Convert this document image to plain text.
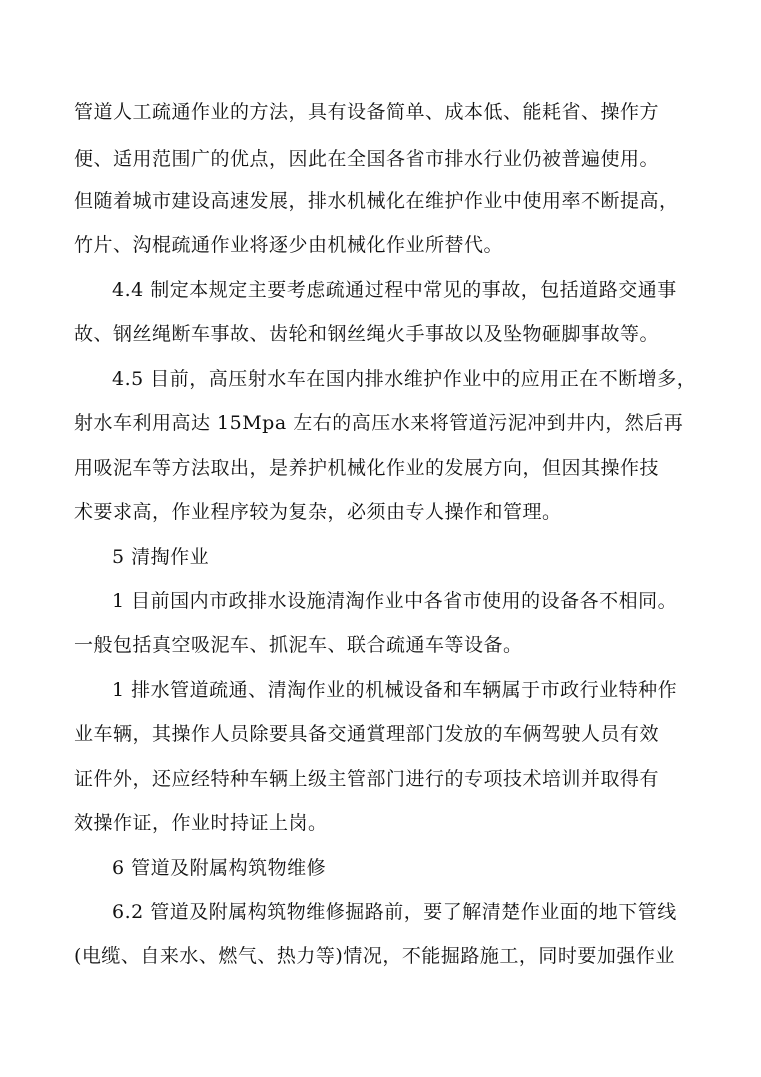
管道人工疏通作业的方法，具有设备简单、成本低、能耗省、操作方
便、适用范围广的优点，因此在全国各省市排水行业仍被普遍使用。
但随着城市建设高速发展，排水机械化在维护作业中使用率不断提高，
竹片、沟棍疏通作业将逐少由机械化作业所替代。
4.4 制定本规定主要考虑疏通过程中常见的事故，包括道路交通事
故、钢丝绳断车事故、齿轮和钢丝绳火手事故以及坠物砸脚事故等。
4.5 目前，高压射水车在国内排水维护作业中的应用正在不断增多，
射水车利用高达 15Mpa 左右的高压水来将管道污泥冲到井内，然后再
用吸泥车等方法取出，是养护机械化作业的发展方向，但因其操作技
术要求高，作业程序较为复杂，必须由专人操作和管理。
5 清掏作业
1 目前国内市政排水设施清淘作业中各省市使用的设备各不相同。
一般包括真空吸泥车、抓泥车、联合疏通车等设备。
1 排水管道疏通、清淘作业的机械设备和车辆属于市政行业特种作
业车辆，其操作人员除要具备交通賞理部门发放的车俩驾驶人员有效
证件外，还应经特种车辆上级主管部门进行的专项技术培训并取得有
效操作证，作业时持证上岗。
6 管道及附属构筑物维修
6.2 管道及附属构筑物维修掘路前，要了解清楚作业面的地下管线
(电缆、自来水、燃气、热力等)情况，不能掘路施工，同时要加强作业
